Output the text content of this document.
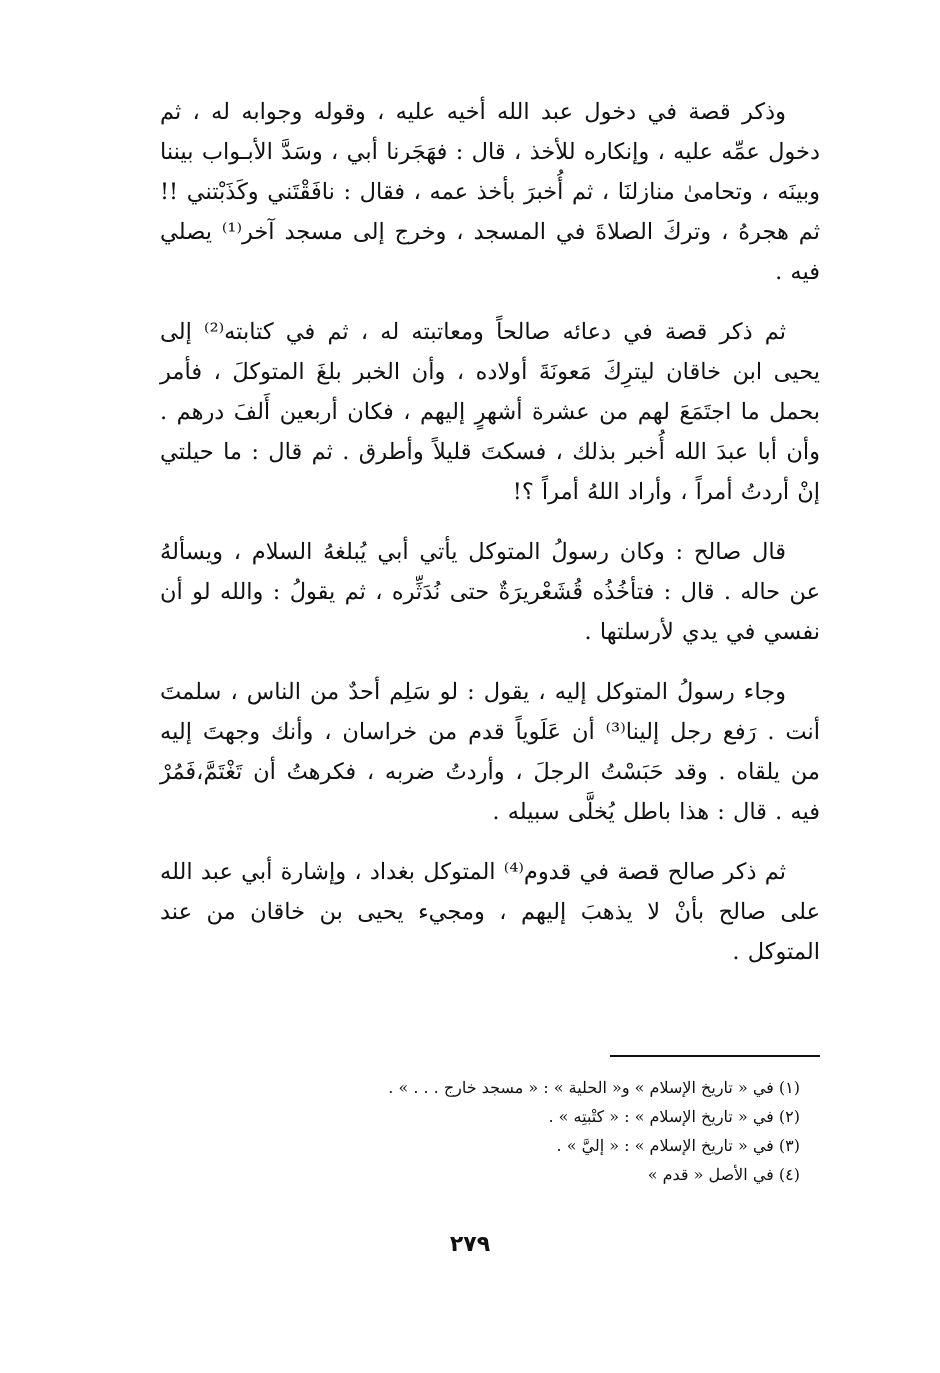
وذكر قصة في دخول عبد الله أخيه عليه ، وقوله وجوابه له ، ثم دخول عمِّه عليه ، وإنكاره للأخذ ، قال : فهَجَرنا أبي ، وسَدَّ الأبـواب بيننا وبينَه ، وتحامىٰ منازلنَا ، ثم أُخبرَ بأخذ عمه ، فقال : نافَقْتَني وكَذَبْتني !! ثم هجرهُ ، وتركَ الصلاةَ في المسجد ، وخرج إلى مسجد آخر⁽¹⁾ يصلي فيه .

ثم ذكر قصة في دعائه صالحاً ومعاتبته له ، ثم في كتابته⁽²⁾ إلى يحيى ابن خاقان ليترِكَ مَعونَةَ أولاده ، وأن الخبر بلغَ المتوكلَ ، فأمر بحمل ما اجتَمَعَ لهم من عشرة أشهرٍ إليهم ، فكان أربعين أَلفَ درهم . وأن أبا عبدَ الله أُخبر بذلك ، فسكتَ قليلاً وأطرق . ثم قال : ما حيلتي إنْ أردتُ أمراً ، وأراد اللهُ أمراً ؟!

قال صالح : وكان رسولُ المتوكل يأتي أبي يُبلغهُ السلام ، ويسألهُ عن حاله . قال : فتأخُذُه قُشَعْريرَةٌ حتى نُدَثِّره ، ثم يقولُ : والله لو أن نفسي في يدي لأرسلتها .

وجاء رسولُ المتوكل إليه ، يقول : لو سَلِم أحدٌ من الناس ، سلمتَ أنت . رَفع رجل إلينا⁽³⁾ أن عَلَوياً قدم من خراسان ، وأنك وجهتَ إليه من يلقاه . وقد حَبَسْتُ الرجلَ ، وأردتُ ضربه ، فكرهتُ أن تَغْتَمَّ،فَمُرْ فيه . قال : هذا باطل يُخلَّى سبيله .

ثم ذكر صالح قصة في قدوم⁽⁴⁾ المتوكل بغداد ، وإشارة أبي عبد الله على صالح بأنْ لا يذهبَ إليهم ، ومجيء يحيى بن خاقان من عند المتوكل .

(١) في « تاريخ الإسلام » و« الحلية » : « مسجد خارج . . . » .
(٢) في « تاريخ الإسلام » : « كتْبتِه » .
(٣) في « تاريخ الإسلام » : « إليَّ » .
(٤) في الأصل « قدم »
٢٧٩
